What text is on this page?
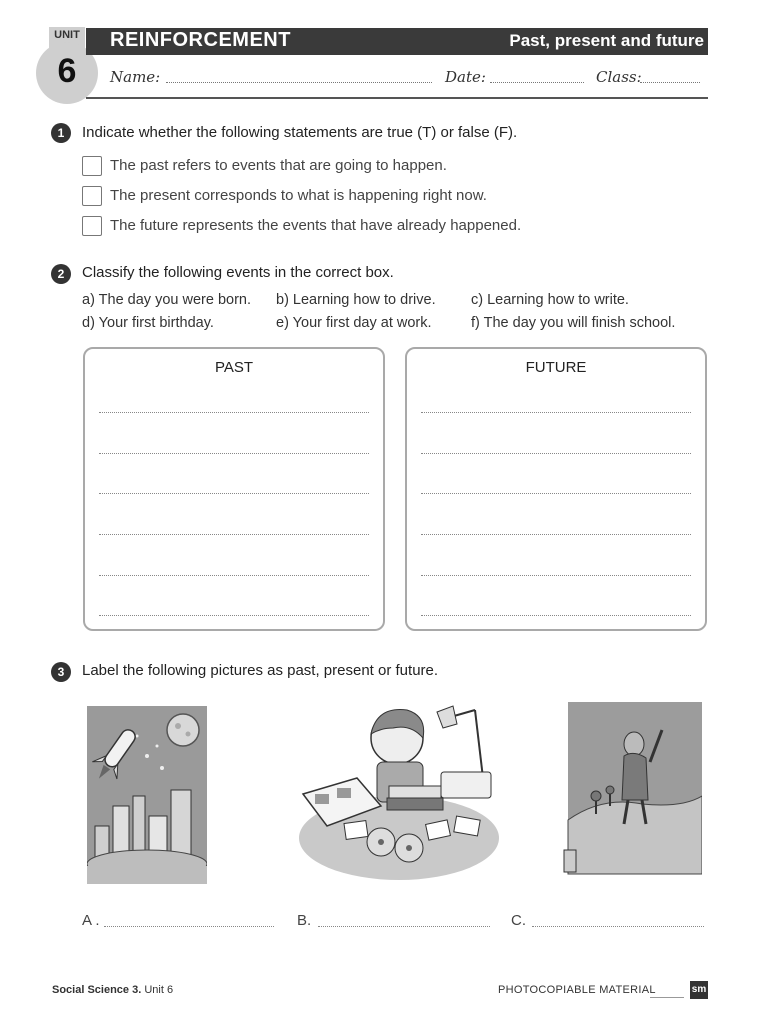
UNIT
6
REINFORCEMENT	Past, present and future
Name:	Date:	Class:
1	Indicate whether the following statements are true (T) or false (F).
The past refers to events that are going to happen.
The present corresponds to what is happening right now.
The future represents the events that have already happened.
2	Classify the following events in the correct box.
a) The day you were born. b) Learning how to drive. c) Learning how to write.
d) Your first birthday.	e) Your first day at work.	f) The day you will finish school.
PAST	FUTURE
3	Label the following pictures as past, present or future.
A .	B.	C.
Social Science 3. Unit 6	PHOTOCOPIABLE MATERIAL	sm
